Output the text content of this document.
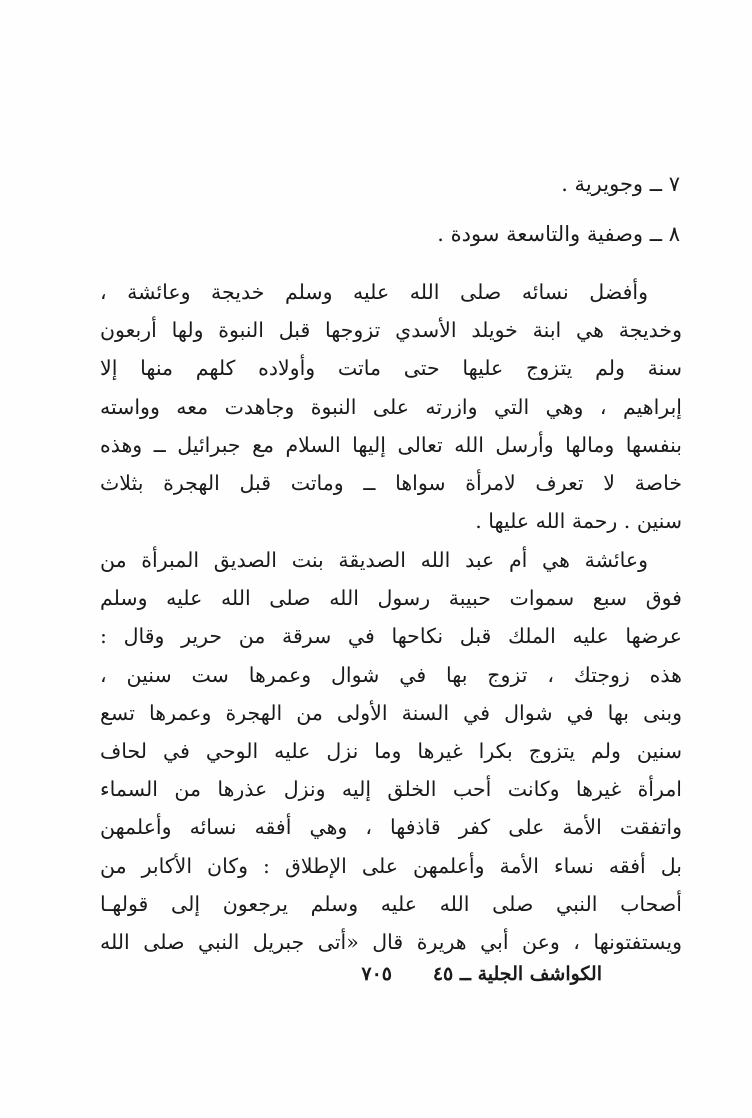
٧ ــ وجويرية .
٨ ــ وصفية والتاسعة سودة .
وأفضل نسائه صلى الله عليه وسلم خديجة وعائشة ،
وخديجة هي ابنة خويلد الأسدي تزوجها قبل النبوة ولها أربعون
سنة ولم يتزوج عليها حتى ماتت وأولاده كلهم منها إلا
إبراهيم ، وهي التي وازرته على النبوة وجاهدت معه وواسته
بنفسها ومالها وأرسل الله تعالى إليها السلام مع جبرائيل ــ وهذه
خاصة لا تعرف لامرأة سواها ــ وماتت قبل الهجرة بثلاث
سنين . رحمة الله عليها .
وعائشة هي أم عبد الله الصديقة بنت الصديق المبرأة من
فوق سبع سموات حبيبة رسول الله صلى الله عليه وسلم
عرضها عليه الملك قبل نكاحها في سرقة من حرير وقال :
هذه زوجتك ، تزوج بها في شوال وعمرها ست سنين ،
وبنى بها في شوال في السنة الأولى من الهجرة وعمرها تسع
سنين ولم يتزوج بكرا غيرها وما نزل عليه الوحي في لحاف
امرأة غيرها وكانت أحب الخلق إليه ونزل عذرها من السماء
واتفقت الأمة على كفر قاذفها ، وهي أفقه نسائه وأعلمهن
بل أفقه نساء الأمة وأعلمهن على الإطلاق : وكان الأكابر من
أصحاب النبي صلى الله عليه وسلم يرجعون إلى قولهـا
ويستفتونها ، وعن أبي هريرة قال «أتى جبريل النبي صلى الله
الكواشف الجلية ــ ٤٥
٧٠٥
